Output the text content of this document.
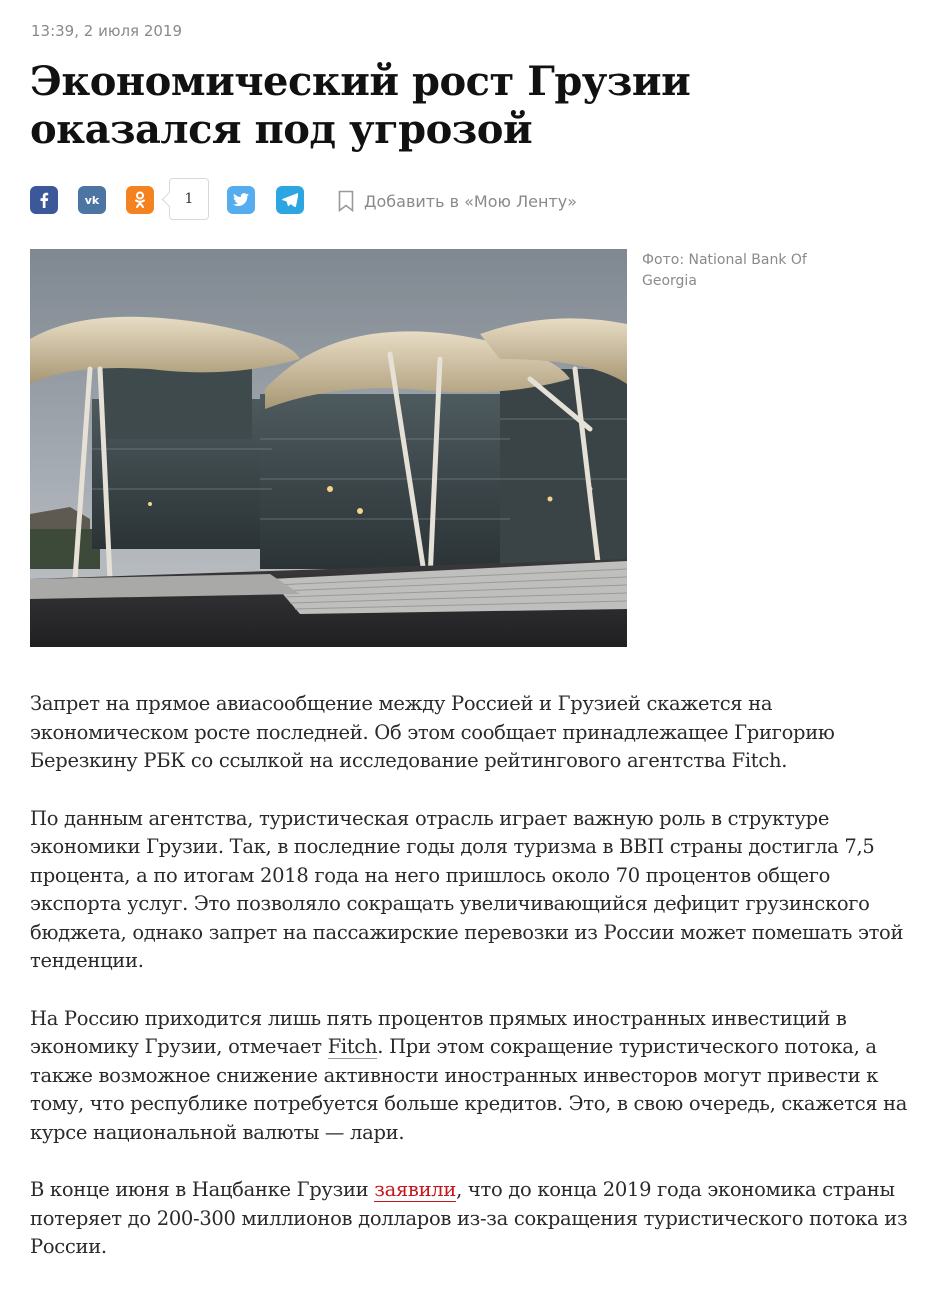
13:39, 2 июля 2019
Экономический рост Грузии оказался под угрозой
vk	1	Добавить в «Мою Ленту»
Фото: National Bank Of Georgia

Запрет на прямое авиасообщение между Россией и Грузией скажется на экономическом росте последней. Об этом сообщает принадлежащее Григорию Березкину РБК со ссылкой на исследование рейтингового агентства Fitch.

По данным агентства, туристическая отрасль играет важную роль в структуре экономики Грузии. Так, в последние годы доля туризма в ВВП страны достигла 7,5 процента, а по итогам 2018 года на него пришлось около 70 процентов общего экспорта услуг. Это позволяло сокращать увеличивающийся дефицит грузинского бюджета, однако запрет на пассажирские перевозки из России может помешать этой тенденции.

На Россию приходится лишь пять процентов прямых иностранных инвестиций в экономику Грузии, отмечает Fitch. При этом сокращение туристического потока, а также возможное снижение активности иностранных инвесторов могут привести к тому, что республике потребуется больше кредитов. Это, в свою очередь, скажется на курсе национальной валюты — лари.

В конце июня в Нацбанке Грузии заявили, что до конца 2019 года экономика страны потеряет до 200-300 миллионов долларов из-за сокращения туристического потока из России.
